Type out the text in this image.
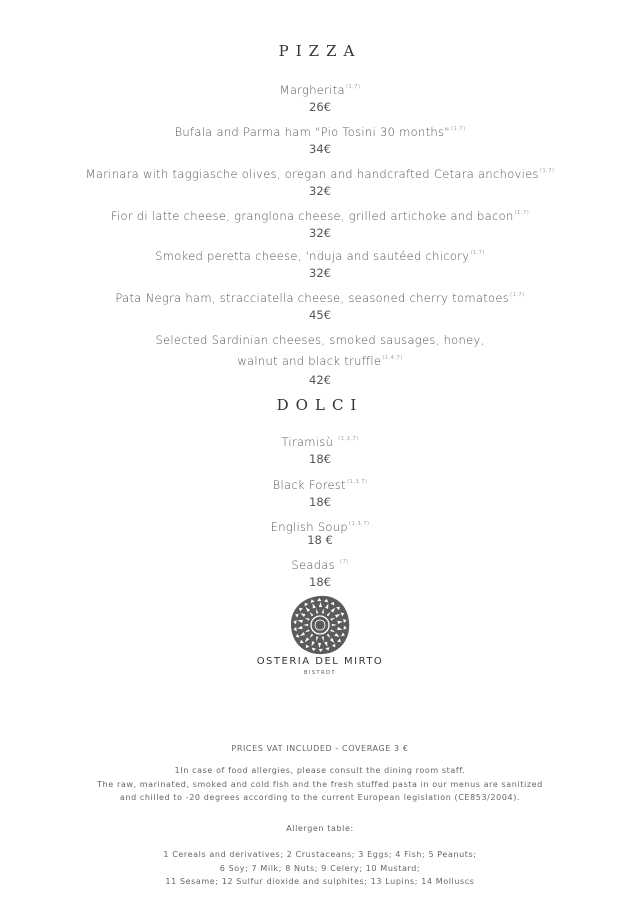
PIZZA
Margherita$^{(1,7)}$
26€
Bufala and Parma ham "Pio Tosini 30 months"$^{(1,7)}$
34€
Marinara with taggiasche olives, oregan and handcrafted Cetara anchovies$^{(1,7)}$
32€
Fior di latte cheese, granglona cheese, grilled artichoke and bacon$^{(1,7)}$
32€
Smoked peretta cheese, 'nduja and sautéed chicory$^{(1,7)}$
32€
Pata Negra ham, stracciatella cheese, seasoned cherry tomatoes$^{(1,7)}$
45€
Selected Sardinian cheeses, smoked sausages, honey,
walnut and black truffle$^{(1,4,7)}$
42€
DOLCI
Tiramisù $^{(1,3,7)}$
18€
Black Forest$^{(1,3,7)}$
18€
English Soup$^{(1,3,7)}$
18 €
Seadas $^{(7)}$
18€
OSTERIA DEL MIRTO
BISTROT
PRICES VAT INCLUDED - COVERAGE 3 €
1In case of food allergies, please consult the dining room staff.
The raw, marinated, smoked and cold fish and the fresh stuffed pasta in our menus are sanitized
and chilled to -20 degrees according to the current European legislation (CE853/2004).
Allergen table:
1 Cereals and derivatives; 2 Crustaceans; 3 Eggs; 4 Fish; 5 Peanuts;
6 Soy; 7 Milk; 8 Nuts; 9 Celery; 10 Mustard;
11 Sesame; 12 Sulfur dioxide and sulphites; 13 Lupins; 14 Molluscs
